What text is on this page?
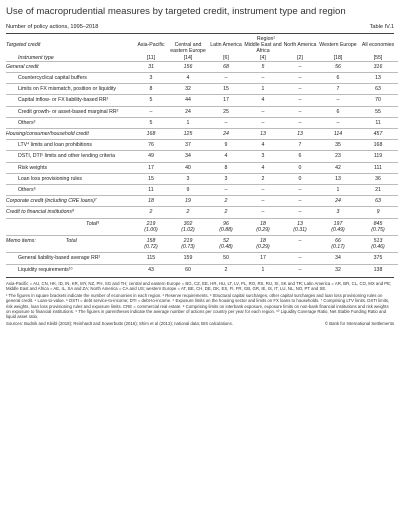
Use of macroprudential measures by targeted credit, instrument type and region
Number of policy actions, 1995–2018	Table IV.1
	Region¹						
Targeted credit	Asia-Pacific	Central and eastern Europe	Latin America	Middle East and Africa	North America	Western Europe	All economies
Instrument type	[11]	[14]	[6]	[4]	[2]	[18]	[55]
General credit	31	156	68	5	–	56	316
Countercyclical capital buffers	3	4	–	–	–	6	13
Limits on FX mismatch, position or liquidity	8	32	15	1	–	7	63
Capital inflow- or FX liability-based RR²	5	44	17	4	–	–	70
Credit growth- or asset-based marginal RR²	–	24	25	–	–	6	55
Others³	5	1	–	–	–	–	11
Housing/consumer/household credit	168	125	24	13	13	114	457
LTV⁴ limits and loan prohibitions	76	37	9	4	7	35	168
DSTI, DTI⁵ limits and other lending criteria	49	34	4	3	6	23	119
Risk weights	17	40	8	4	0	42	111
Loan loss provisioning rules	15	3	3	2	0	13	36
Others⁶	11	9	–	–	–	1	21
Corporate credit (including CRE loans)⁷	18	19	2	–	–	24	63
Credit to financial institutions⁸	2	2	2	–	–	3	9
Total⁹	219	302	96	18	13	197	845
	(1.00)	(1.02)	(0.88)	(0.29)	(0.31)	(0.49)	(0.75)
Memo items: Total	158	219	52	18	–	66	513
	(0.72)	(0.73)	(0.48)	(0.29)		(0.17)	(0.46)
General liability-based average RR²	115	159	50	17	–	34	375
Liquidity requirements¹⁰	43	60	2	1	–	32	138

Asia-Pacific = AU, CN, HK, ID, IN, KR, MY, NZ, PH, SG and TH; central and eastern Europe = BG, CZ, EE, HR, HU, LT, LV, PL, RO, RS, RU, SI, SK and TR; Latin America = AR, BR, CL, CO, MX and PE; Middle East and Africa = AE, IL, SA and ZA; North America = CA and US; western Europe = AT, BE, CH, DE, DK, ES, FI, FR, GB, GR, IE, IS, IT, LU, NL, NO, PT and SE.

¹ The figures in square brackets indicate the number of economies in each region. ² Reserve requirements. ³ Structural capital surcharges, other capital surcharges and loan loss provisioning rules on general credit. ⁴ Loan-to-value. ⁵ DSTI = debt service-to-income; DTI = debt-to-income. ⁶ Exposure limits on the housing sector and limits on FX loans to households. ⁷ Comprising LTV limits, DSTI limits, risk weights, loan loss provisioning rules and exposure limits. CRE = commercial real estate. ⁸ Comprising limits on interbank exposure, exposure limits on non-bank financial institutions and risk weights on exposure to financial institutions. ⁹ The figures in parentheses indicate the average number of actions per country per year for each region. ¹⁰ Liquidity Coverage Ratio, Net Stable Funding Ratio and liquid asset ratio.

Sources: Budnik and Kleibl (2018); Reinhardt and Sowerbutts (2016); Shim et al (2013); national data; BIS calculations.	© Bank for International Settlements
